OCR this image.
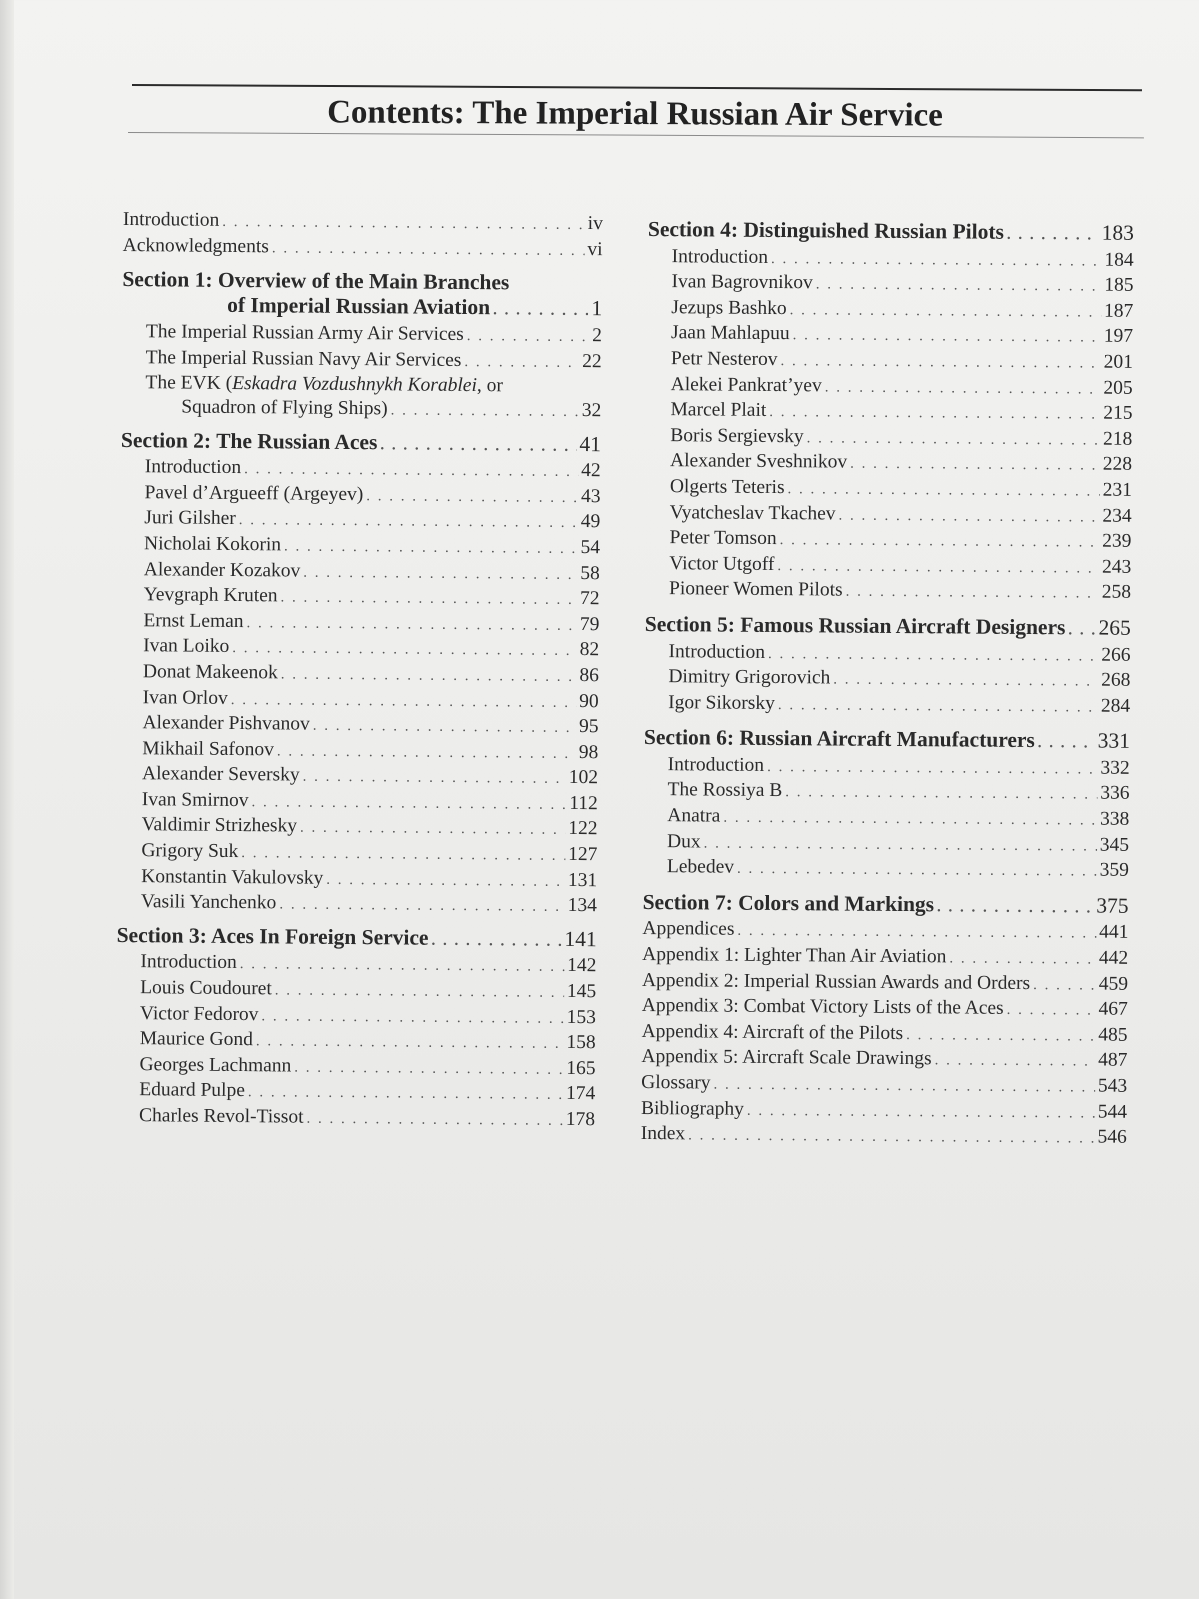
Contents: The Imperial Russian Air Service
Introduction . . .	iv
Acknowledgments . . .	vi
Section 1: Overview of the Main Branches
of Imperial Russian Aviation . . .	1
The Imperial Russian Army Air Services . . .	2
The Imperial Russian Navy Air Services . . .	22
The EVK (Eskadra Vozdushnykh Korablei, or
Squadron of Flying Ships) . . .	32
Section 2: The Russian Aces . . .	41
Introduction . . .	42
Pavel d’Argueeff (Argeyev) . . .	43
Juri Gilsher . . .	49
Nicholai Kokorin . . .	54
Alexander Kozakov . . .	58
Yevgraph Kruten . . .	72
Ernst Leman . . .	79
Ivan Loiko . . .	82
Donat Makeenok . . .	86
Ivan Orlov . . .	90
Alexander Pishvanov . . .	95
Mikhail Safonov . . .	98
Alexander Seversky . . .	102
Ivan Smirnov . . .	112
Valdimir Strizhesky . . .	122
Grigory Suk . . .	127
Konstantin Vakulovsky . . .	131
Vasili Yanchenko . . .	134
Section 3: Aces In Foreign Service . . .	141
Introduction . . .	142
Louis Coudouret . . .	145
Victor Fedorov . . .	153
Maurice Gond . . .	158
Georges Lachmann . . .	165
Eduard Pulpe . . .	174
Charles Revol-Tissot . . .	178
Section 4: Distinguished Russian Pilots . . .	183
Introduction . . .	184
Ivan Bagrovnikov . . .	185
Jezups Bashko . . .	187
Jaan Mahlapuu . . .	197
Petr Nesterov . . .	201
Alekei Pankrat’yev . . .	205
Marcel Plait . . .	215
Boris Sergievsky . . .	218
Alexander Sveshnikov . . .	228
Olgerts Teteris . . .	231
Vyatcheslav Tkachev . . .	234
Peter Tomson . . .	239
Victor Utgoff . . .	243
Pioneer Women Pilots . . .	258
Section 5: Famous Russian Aircraft Designers . . . 265
Introduction . . .	266
Dimitry Grigorovich . . .	268
Igor Sikorsky . . .	284
Section 6: Russian Aircraft Manufacturers . . .	331
Introduction . . .	332
The Rossiya B . . .	336
Anatra . . .	338
Dux . . .	345
Lebedev . . .	359
Section 7: Colors and Markings . . .	375
Appendices . . .	441
Appendix 1: Lighter Than Air Aviation . . .	442
Appendix 2: Imperial Russian Awards and Orders . . .	459
Appendix 3: Combat Victory Lists of the Aces . . .	467
Appendix 4: Aircraft of the Pilots . . .	485
Appendix 5: Aircraft Scale Drawings . . .	487
Glossary . . .	543
Bibliography . . .	544
Index . . .	546
